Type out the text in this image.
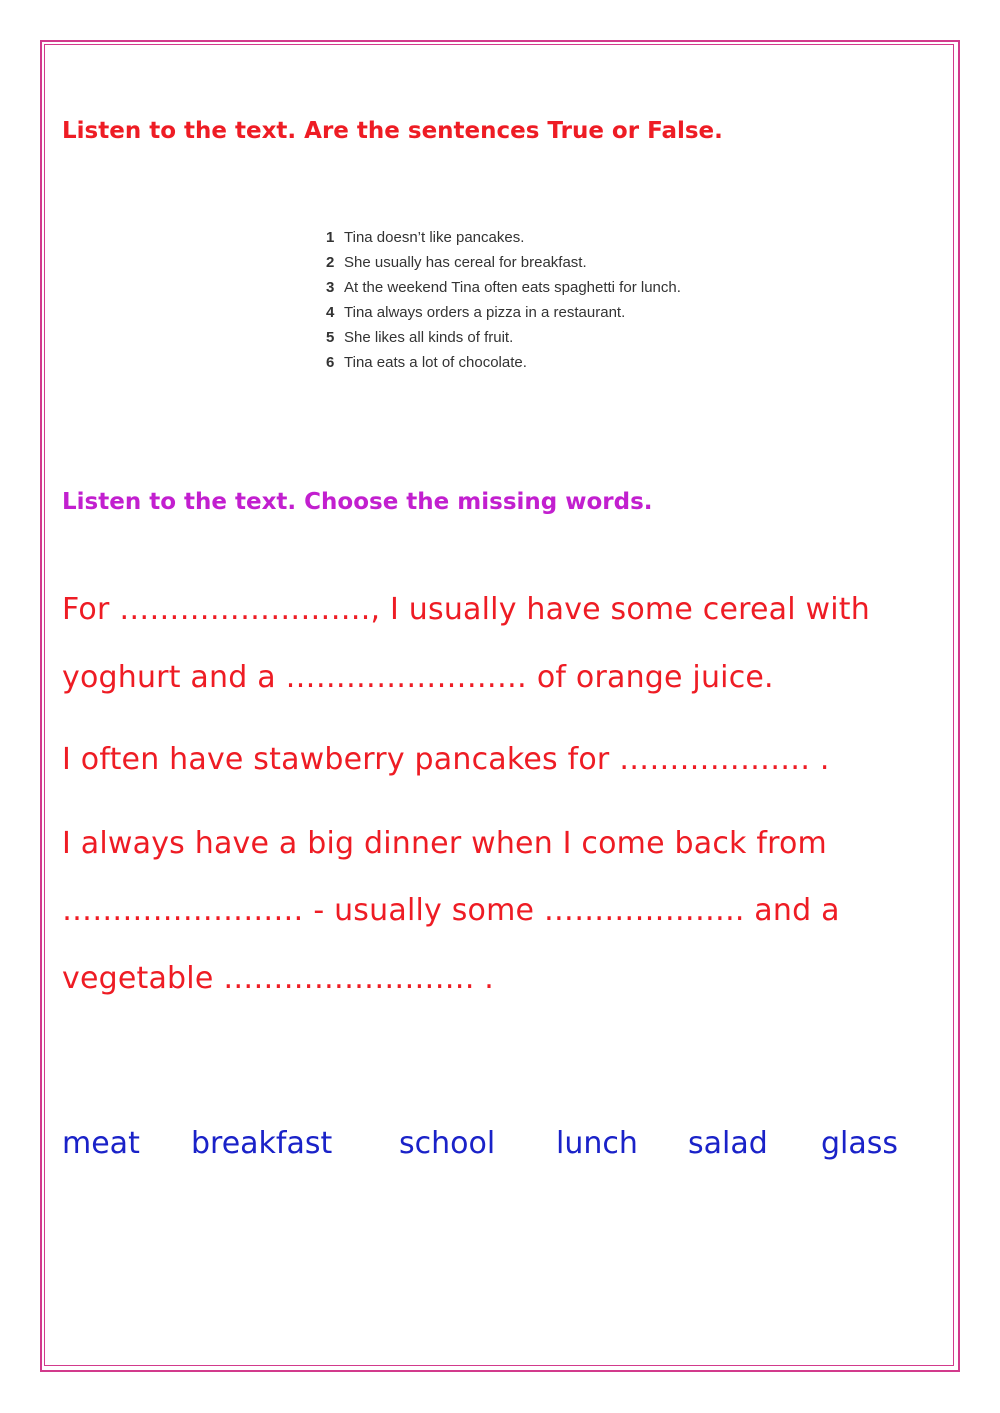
Listen to the text. Are the sentences True or False.
1 Tina doesn’t like pancakes.
2 She usually has cereal for breakfast.
3 At the weekend Tina often eats spaghetti for lunch.
4 Tina always orders a pizza in a restaurant.
5 She likes all kinds of fruit.
6 Tina eats a lot of chocolate.
Listen to the text. Choose the missing words.
For ……………………., I usually have some cereal with
yoghurt and a …………………… of orange juice.
I often have stawberry pancakes for ………………. .
I always have a big dinner when I come back from
…………………… - usually some ……………….. and a
vegetable ……………………. .
meat breakfast school lunch salad glass
